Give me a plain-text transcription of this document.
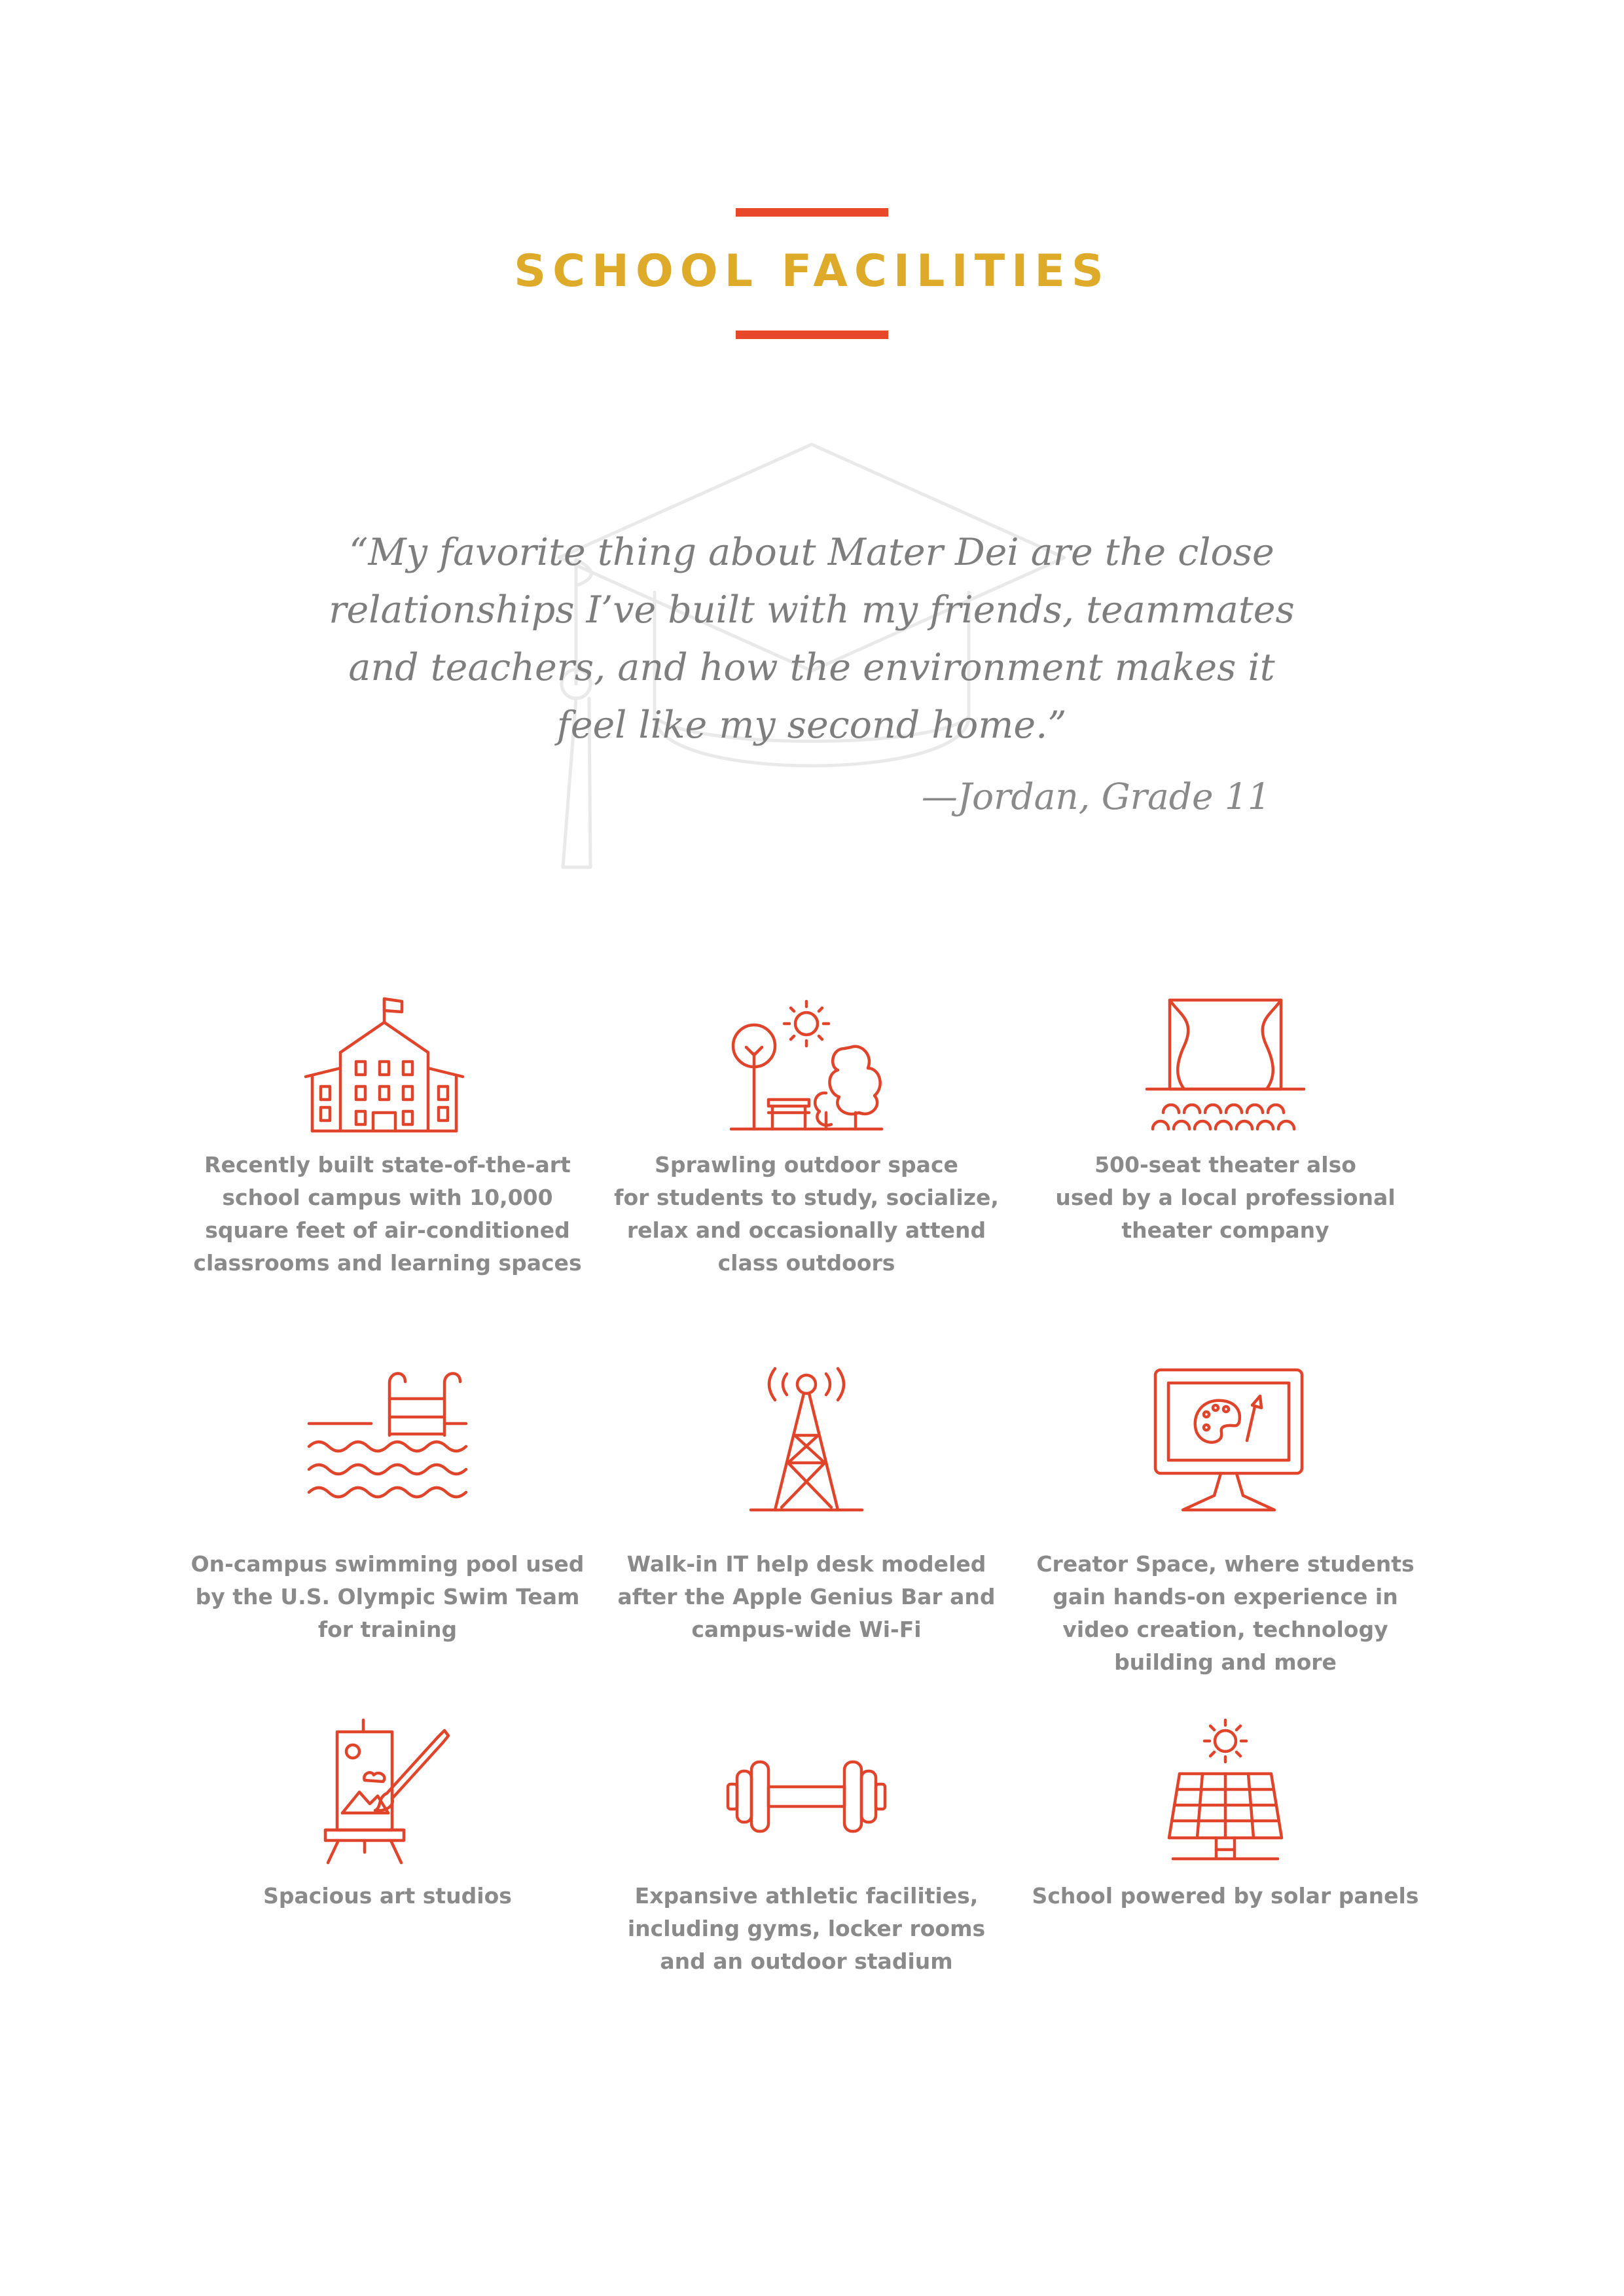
SCHOOL FACILITIES
“My favorite thing about Mater Dei are the close relationships I’ve built with my friends, teammates and teachers, and how the environment makes it feel like my second home.”
—Jordan, Grade 11
Recently built state-of-the-art
school campus with 10,000
square feet of air-conditioned
classrooms and learning spaces
Sprawling outdoor space
for students to study, socialize,
relax and occasionally attend
class outdoors
500-seat theater also
used by a local professional
theater company
On-campus swimming pool used
by the U.S. Olympic Swim Team
for training
Walk-in IT help desk modeled
after the Apple Genius Bar and
campus-wide Wi-Fi
Creator Space, where students
gain hands-on experience in
video creation, technology
building and more
Spacious art studios	Expansive athletic facilities,
including gyms, locker rooms
and an outdoor stadium
School powered by solar panels
